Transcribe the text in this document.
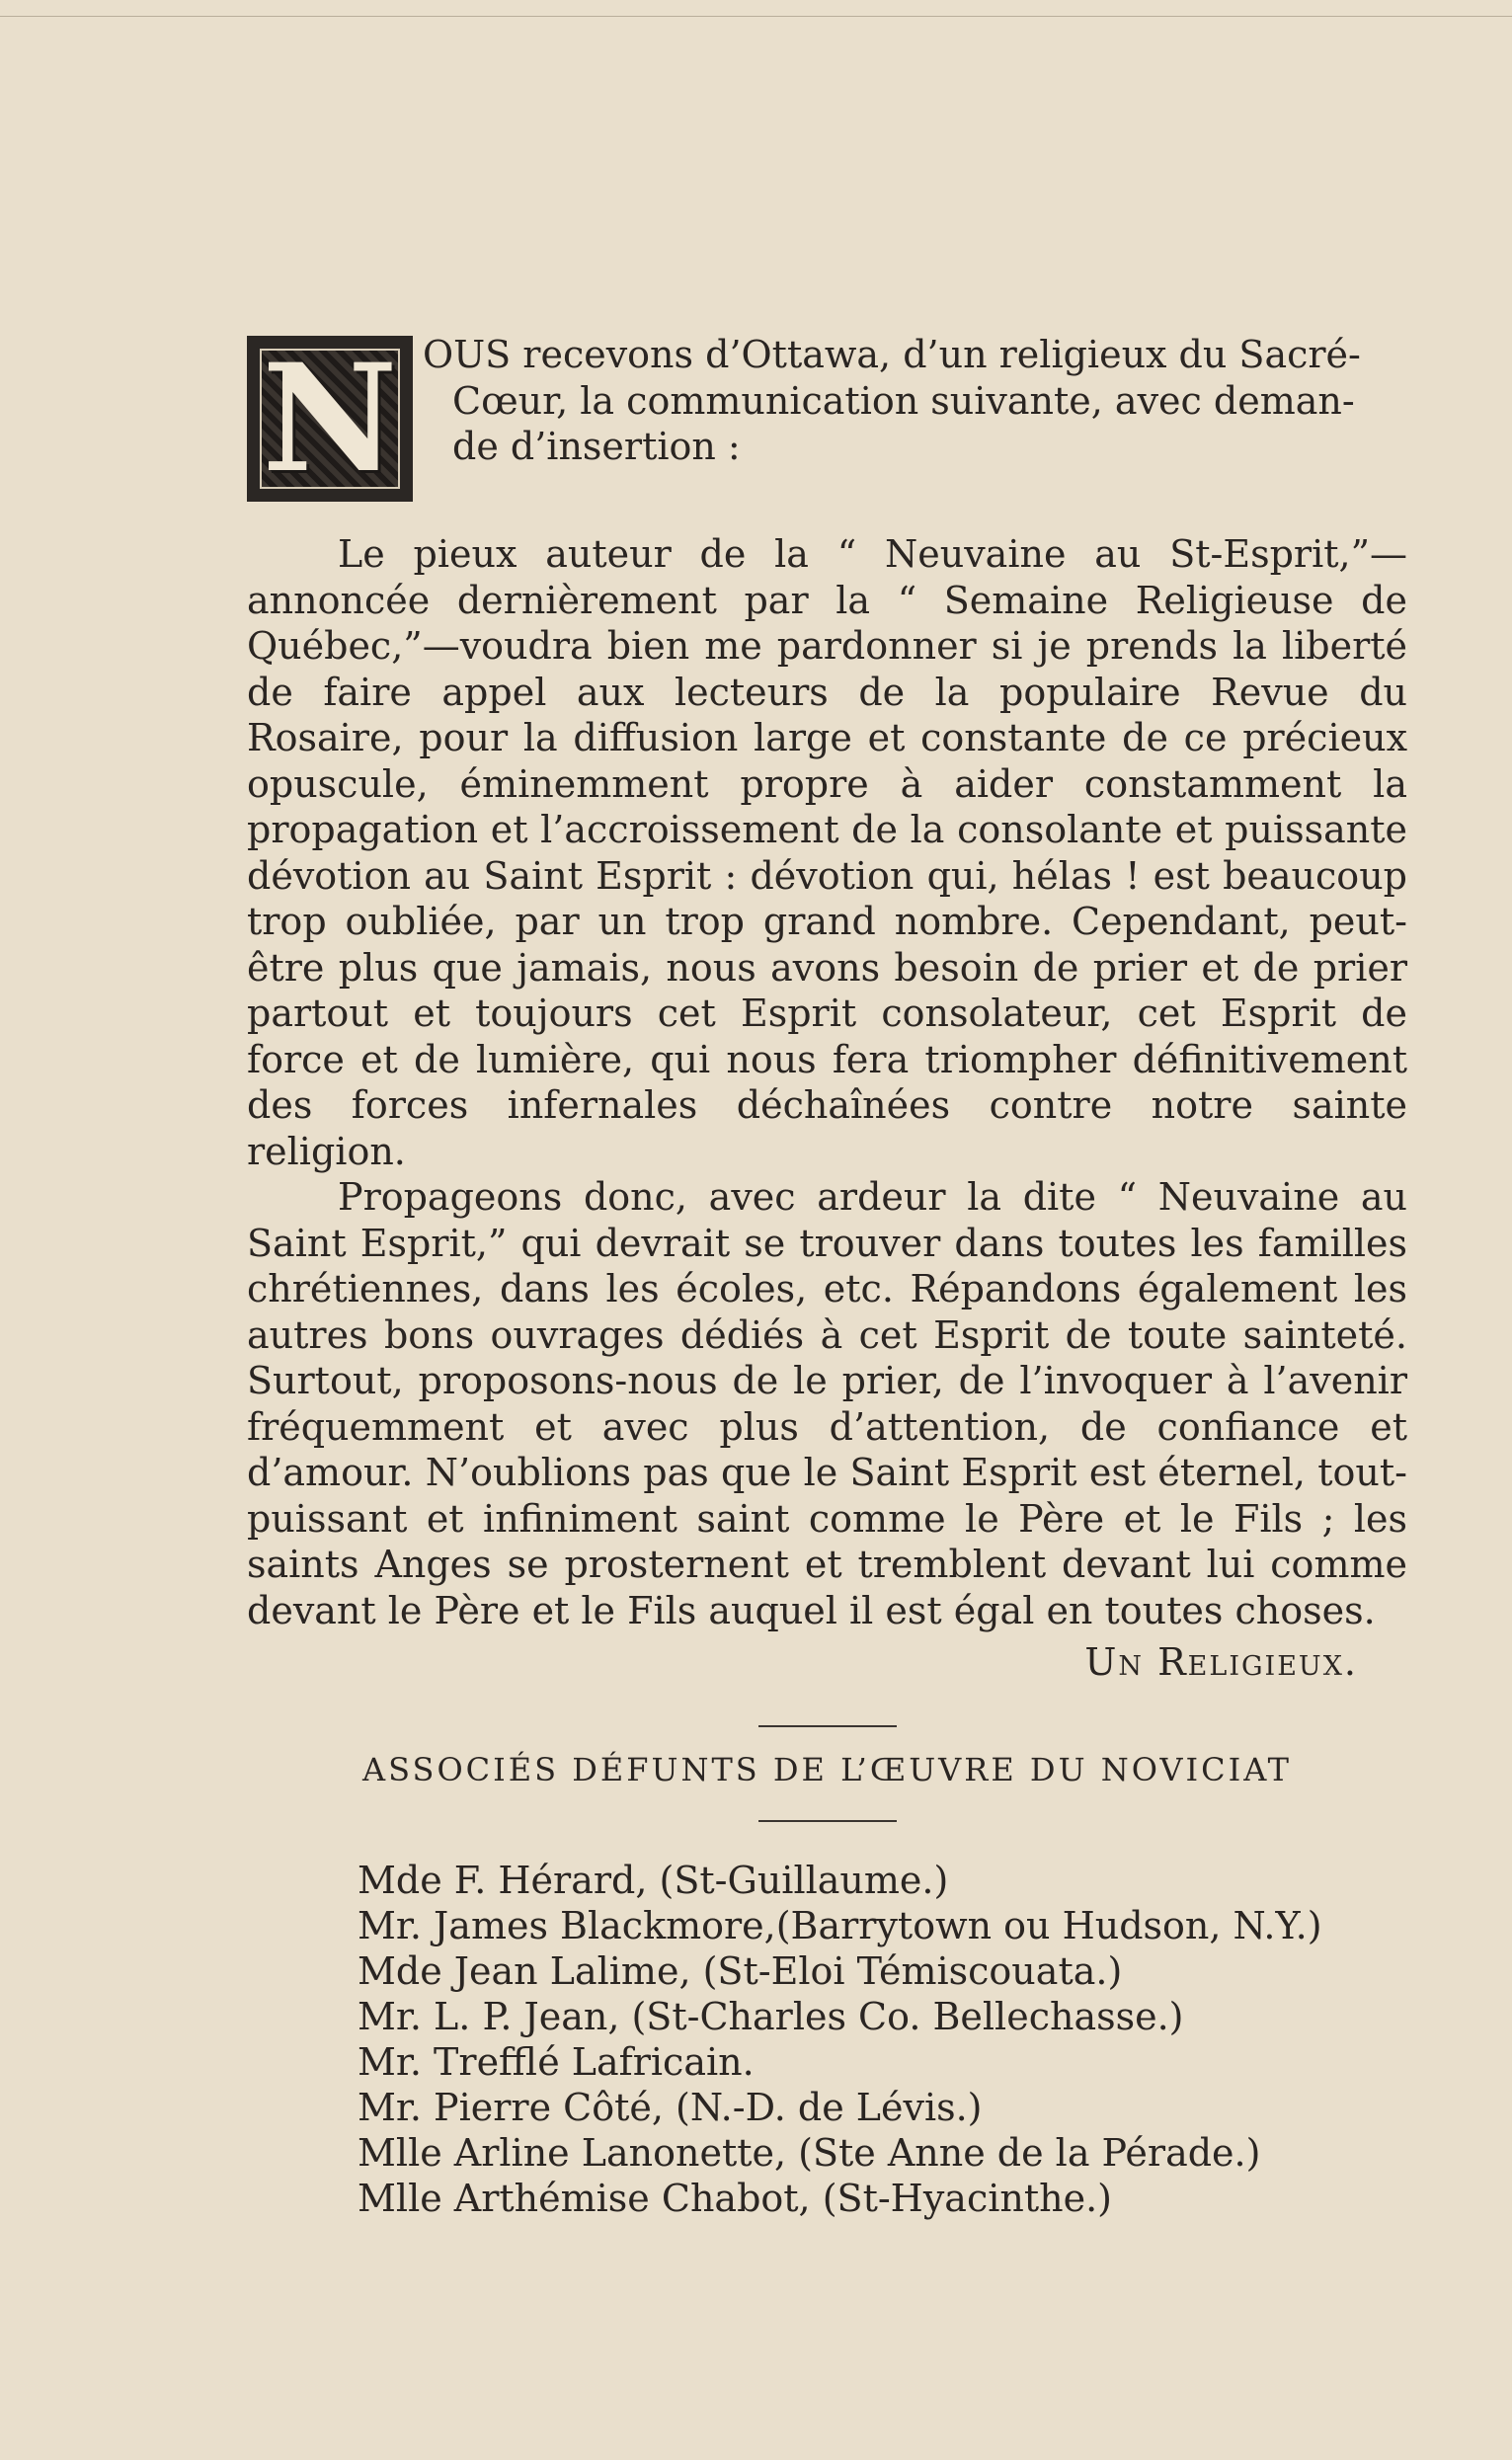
N OUS recevons d’Ottawa, d’un religieux du Sacré-
Cœur, la communication suivante, avec deman-
de d’insertion :

Le pieux auteur de la “ Neuvaine au St-Esprit,”—annoncée dernièrement par la “ Semaine Religieuse de Québec,”—voudra bien me pardonner si je prends la liberté de faire appel aux lecteurs de la populaire Revue du Rosaire, pour la diffusion large et constante de ce précieux opuscule, éminemment propre à aider constamment la propagation et l’accroissement de la consolante et puissante dévotion au Saint Esprit : dévotion qui, hélas ! est beaucoup trop oubliée, par un trop grand nombre. Cependant, peut-être plus que jamais, nous avons besoin de prier et de prier partout et toujours cet Esprit consolateur, cet Esprit de force et de lumière, qui nous fera triompher définitivement des forces infernales déchaînées contre notre sainte religion.

Propageons donc, avec ardeur la dite “ Neuvaine au Saint Esprit,” qui devrait se trouver dans toutes les familles chrétiennes, dans les écoles, etc. Répandons également les autres bons ouvrages dédiés à cet Esprit de toute sainteté. Surtout, proposons-nous de le prier, de l’invoquer à l’avenir fréquemment et avec plus d’attention, de confiance et d’amour. N’oublions pas que le Saint Esprit est éternel, tout-puissant et infiniment saint comme le Père et le Fils ; les saints Anges se prosternent et tremblent devant lui comme devant le Père et le Fils auquel il est égal en toutes choses.

Un Religieux.
ASSOCIÉS DÉFUNTS DE L’ŒUVRE DU NOVICIAT
Mde F. Hérard, (St-Guillaume.)
Mr. James Blackmore,(Barrytown ou Hudson, N.Y.)
Mde Jean Lalime, (St-Eloi Témiscouata.)
Mr. L. P. Jean, (St-Charles Co. Bellechasse.)
Mr. Trefflé Lafricain.
Mr. Pierre Côté, (N.-D. de Lévis.)
Mlle Arline Lanonette, (Ste Anne de la Pérade.)
Mlle Arthémise Chabot, (St-Hyacinthe.)
